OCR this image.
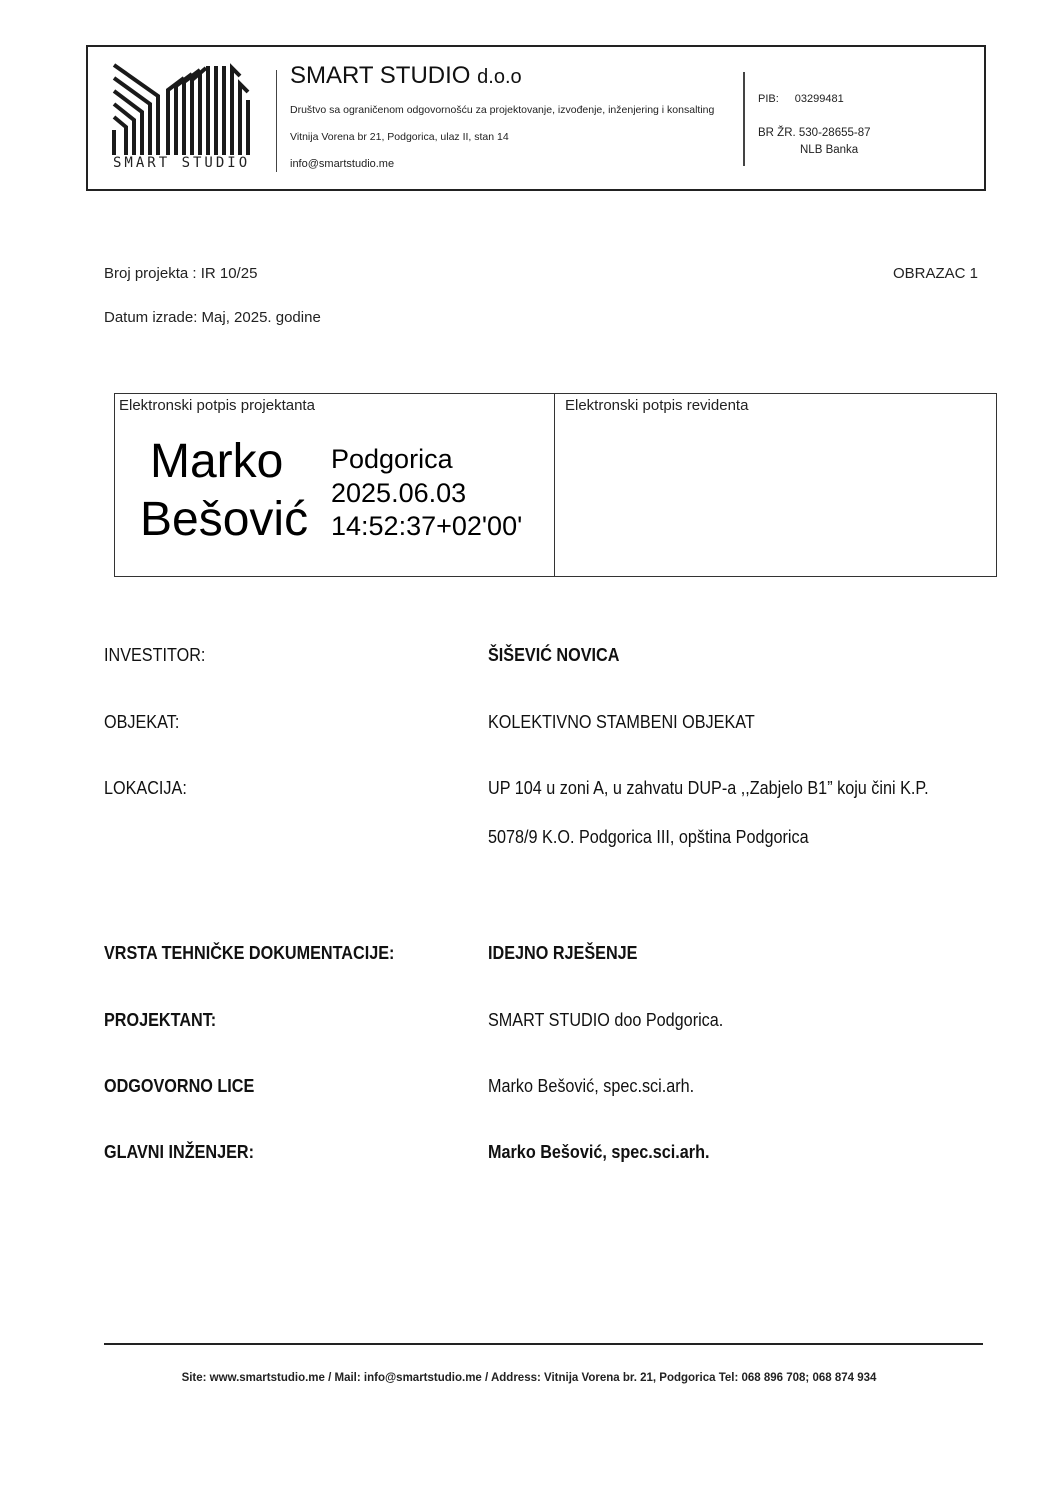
SMART STUDIO
SMART STUDIO d.o.o
Društvo sa ograničenom odgovornošću za projektovanje, izvođenje, inženjering i konsalting
Vitnija Vorena br 21, Podgorica, ulaz II, stan 14
info@smartstudio.me
PIB: 03299481
BR ŽR. 530-28655-87
NLB Banka
Broj projekta : IR 10/25	OBRAZAC 1
Datum izrade: Maj, 2025. godine
Elektronski potpis projektanta	Elektronski potpis revidenta
Marko
Bešović
Podgorica
2025.06.03
14:52:37+02'00'
INVESTITOR:	ŠIŠEVIĆ NOVICA
OBJEKAT:	KOLEKTIVNO STAMBENI OBJEKAT
LOKACIJA:	UP 104 u zoni A, u zahvatu DUP-a ,,Zabjelo B1” koju čini K.P.
5078/9 K.O. Podgorica III, opština Podgorica
VRSTA TEHNIČKE DOKUMENTACIJE:	IDEJNO RJEŠENJE
PROJEKTANT:	SMART STUDIO doo Podgorica.
ODGOVORNO LICE	Marko Bešović, spec.sci.arh.
GLAVNI INŽENJER:	Marko Bešović, spec.sci.arh.
Site: www.smartstudio.me / Mail: info@smartstudio.me / Address: Vitnija Vorena br. 21, Podgorica Tel: 068 896 708; 068 874 934
